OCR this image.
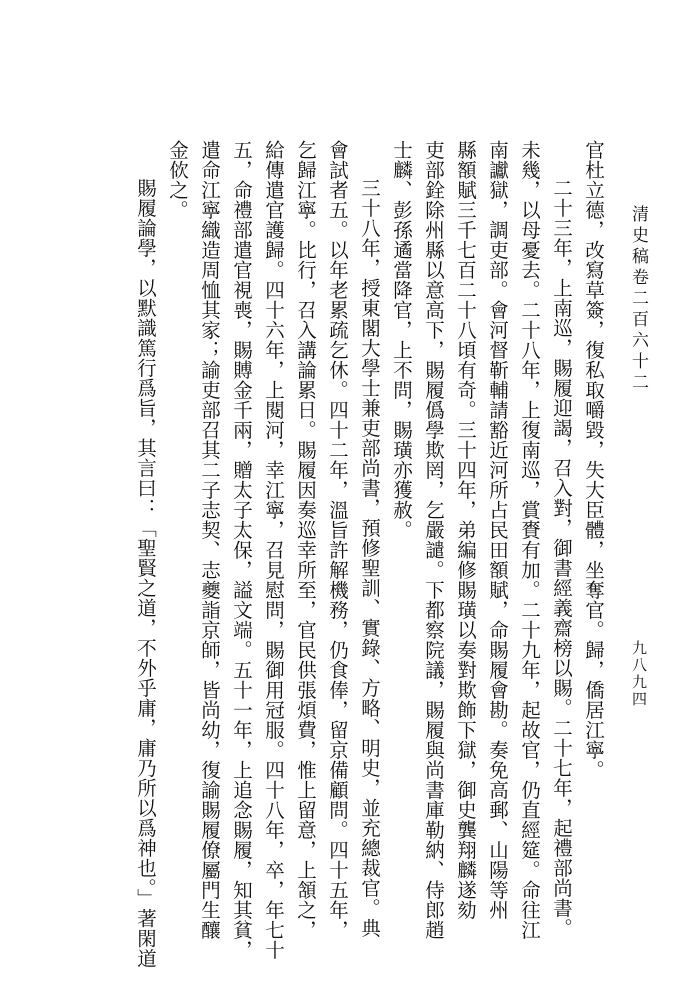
清史稿卷二百六十二
九八九四
官杜立德，改寫草簽，復私取嚼毀，失大臣體，坐奪官。歸，僑居江寧。
二十三年，上南巡，賜履迎謁，召入對，御書經義齋榜以賜。二十七年，起禮部尚書。
未幾，以母憂去。二十八年，上復南巡，賞賚有加。二十九年，起故官，仍直經筵。命往江
南讞獄，調吏部。會河督靳輔請豁近河所占民田額賦，命賜履會勘。奏免高郵、山陽等州
縣額賦三千七百二十八頃有奇。三十四年，弟編修賜璜以奏對欺飾下獄，御史龔翔麟遂劾
吏部銓除州縣以意高下，賜履僞學欺罔，乞嚴譴。下都察院議，賜履與尚書庫勒納、侍郎趙
士麟、彭孫遹當降官，上不問，賜璜亦獲赦。
三十八年，授東閣大學士兼吏部尚書，預修聖訓、實錄、方略、明史，並充總裁官。典
會試者五。以年老累疏乞休。四十二年，溫旨許解機務，仍食俸，留京備顧問。四十五年，
乞歸江寧。比行，召入講論累日。賜履因奏巡幸所至，官民供張煩費，惟上留意，上頷之，
給傳遣官護歸。四十六年，上閱河，幸江寧，召見慰問，賜御用冠服。四十八年，卒，年七十
五，命禮部遣官視喪，賜賻金千兩，贈太子太保，謚文端。五十一年，上追念賜履，知其貧，
遣命江寧織造周恤其家；諭吏部召其二子志契、志夔詣京師，皆尚幼，復諭賜履僚屬門生釀
金佽之。
賜履論學，以默識篤行爲旨，其言曰：「聖賢之道，不外乎庸，庸乃所以爲神也。」著閑道
